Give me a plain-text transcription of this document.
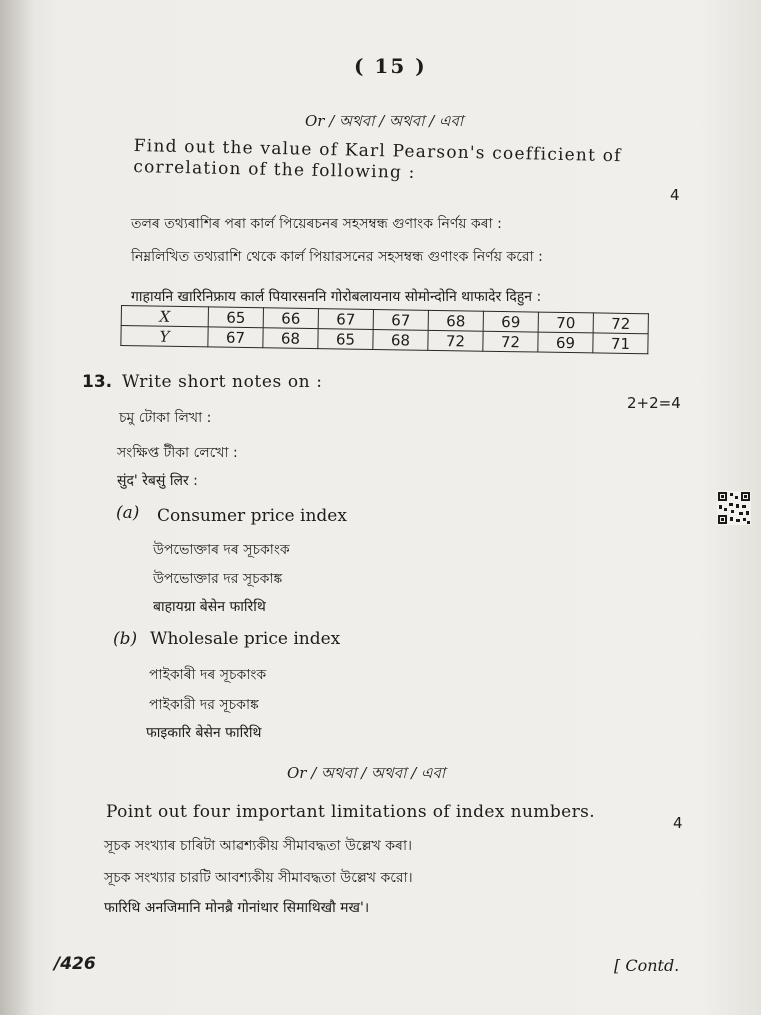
( 15 )
Or / অথবা / অথবা / এবা
Find out the value of Karl Pearson's coefficient of correlation of the following :
4
তলৰ তথ্যৰাশিৰ পৰা কার্ল পিয়েৰচনৰ সহসম্বন্ধ গুণাংক নির্ণয় কৰা :
নিম্নলিখিত তথ্যরাশি থেকে কার্ল পিয়ারসনের সহসম্বন্ধ গুণাংক নির্ণয় করো :
गाहायनि खारिनिफ्राय कार्ल पियारसननि गोरोबलायनाय सोमोन्दोनि थाफादेर दिहुन :
X	65	66	67	67	68	69	70	72
Y	67	68	65	68	72	72	69	71
13. Write short notes on :
2+2=4
চমু টোকা লিখা :
সংক্ষিপ্ত টীকা লেখো :
सुंद' रेबसुं लिर :
(a) Consumer price index
উপভোক্তাৰ দৰ সূচকাংক
উপভোক্তার দর সূচকাঙ্ক
बाहायग्रा बेसेन फारिथि
(b) Wholesale price index
পাইকাৰী দৰ সূচকাংক
পাইকারী দর সূচকাঙ্ক
फाइकारि बेसेन फारिथि
Or / অথবা / অথবা / এবা
Point out four important limitations of index numbers.
4
সূচক সংখ্যাৰ চাৰিটা আৱশ্যকীয় সীমাবদ্ধতা উল্লেখ কৰা।
সূচক সংখ্যার চারটি আবশ্যকীয় সীমাবদ্ধতা উল্লেখ করো।
फारिथि अनजिमानि मोनब्रै गोनांथार सिमाथिखौ मख'।
/426	[ Contd.
